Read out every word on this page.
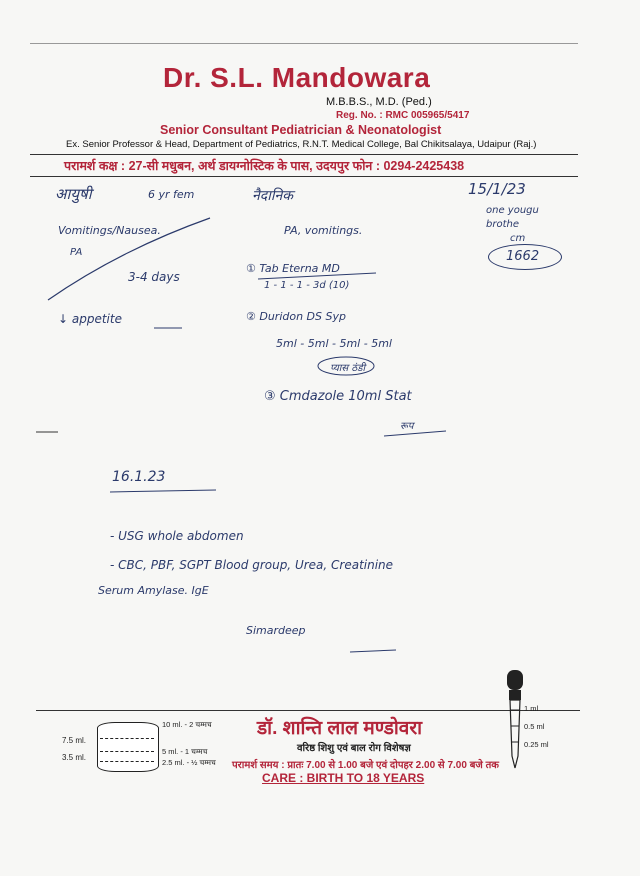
Dr. S.L. Mandowara
M.B.B.S., M.D. (Ped.)
Reg. No. : RMC 005965/5417
Senior Consultant Pediatrician & Neonatologist
Ex. Senior Professor & Head, Department of Pediatrics, R.N.T. Medical College, Bal Chikitsalaya, Udaipur (Raj.)
परामर्श कक्ष : 27-सी मधुबन, अर्थ डायग्नोस्टिक के पास, उदयपुर फोन : 0294-2425438
आयुषी	6 yr fem	नैदानिक	15/1/23
one yougu brothe
cm
1662
Vomitings/Nausea.
PA
3-4 days
↓ appetite
PA, vomitings.
① Tab Eterna MD
1 - 1 - 1 - 3d (10)
② Duridon DS Syp
5ml - 5ml - 5ml - 5ml
प्यास ठंडी
③ Cmdazole 10ml Stat
रूप
16.1.23
- USG whole abdomen
- CBC, PBF, SGPT Blood group, Urea, Creatinine
Serum Amylase. IgE
Simardeep
7.5 ml.
3.5 ml.
10 ml. - 2 चम्मच
5 ml. - 1 चम्मच
2.5 ml. - ½ चम्मच
डॉ. शान्ति लाल मण्डोवरा
वरिष्ठ शिशु एवं बाल रोग विशेषज्ञ
परामर्श समय : प्रातः 7.00 से 1.00 बजे एवं दोपहर 2.00 से 7.00 बजे तक
CARE : BIRTH TO 18 YEARS
1 ml
0.5 ml
0.25 ml
